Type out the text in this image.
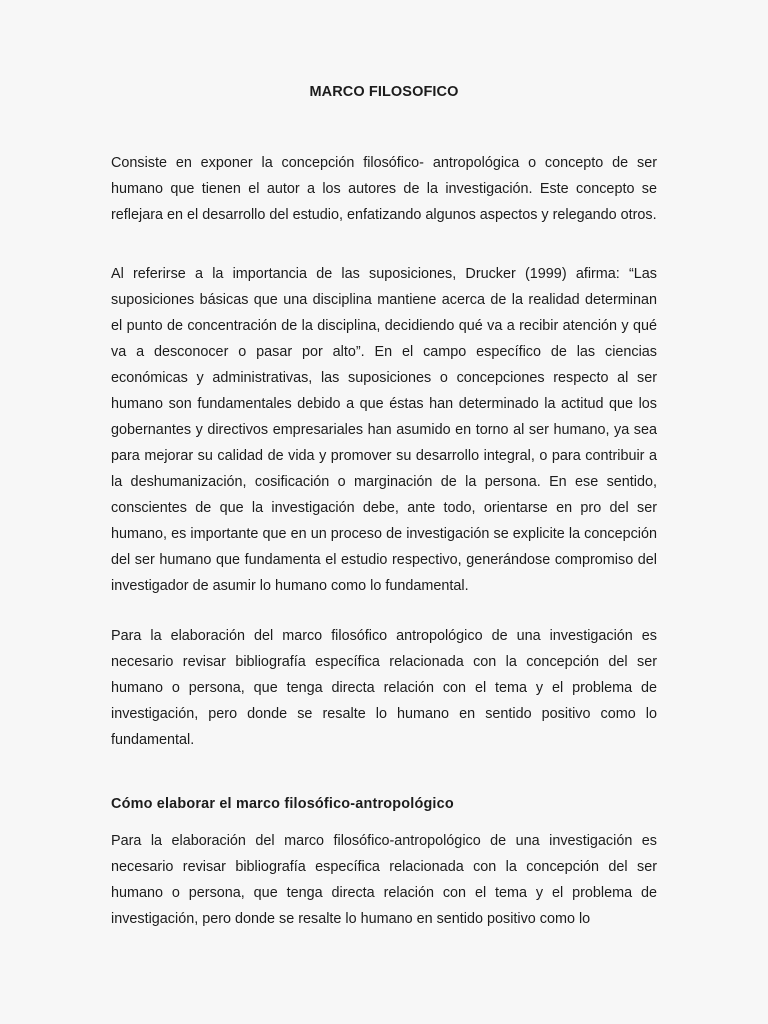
MARCO FILOSOFICO

Consiste en exponer la concepción filosófico- antropológica o concepto de ser humano que tienen el autor a los autores de la investigación. Este concepto se reflejara en el desarrollo del estudio, enfatizando algunos aspectos y relegando otros.

Al referirse a la importancia de las suposiciones, Drucker (1999) afirma: “Las suposiciones básicas que una disciplina mantiene acerca de la realidad determinan el punto de concentración de la disciplina, decidiendo qué va a recibir atención y qué va a desconocer o pasar por alto”. En el campo específico de las ciencias económicas y administrativas, las suposiciones o concepciones respecto al ser humano son fundamentales debido a que éstas han determinado la actitud que los gobernantes y directivos empresariales han asumido en torno al ser humano, ya sea para mejorar su calidad de vida y promover su desarrollo integral, o para contribuir a la deshumanización, cosificación o marginación de la persona. En ese sentido, conscientes de que la investigación debe, ante todo, orientarse en pro del ser humano, es importante que en un proceso de investigación se explicite la concepción del ser humano que fundamenta el estudio respectivo, generándose compromiso del investigador de asumir lo humano como lo fundamental.

Para la elaboración del marco filosófico antropológico de una investigación es necesario revisar bibliografía específica relacionada con la concepción del ser humano o persona, que tenga directa relación con el tema y el problema de investigación, pero donde se resalte lo humano en sentido positivo como lo fundamental.

Cómo elaborar el marco filosófico-antropológico

Para la elaboración del marco filosófico-antropológico de una investigación es necesario revisar bibliografía específica relacionada con la concepción del ser humano o persona, que tenga directa relación con el tema y el problema de investigación, pero donde se resalte lo humano en sentido positivo como lo
